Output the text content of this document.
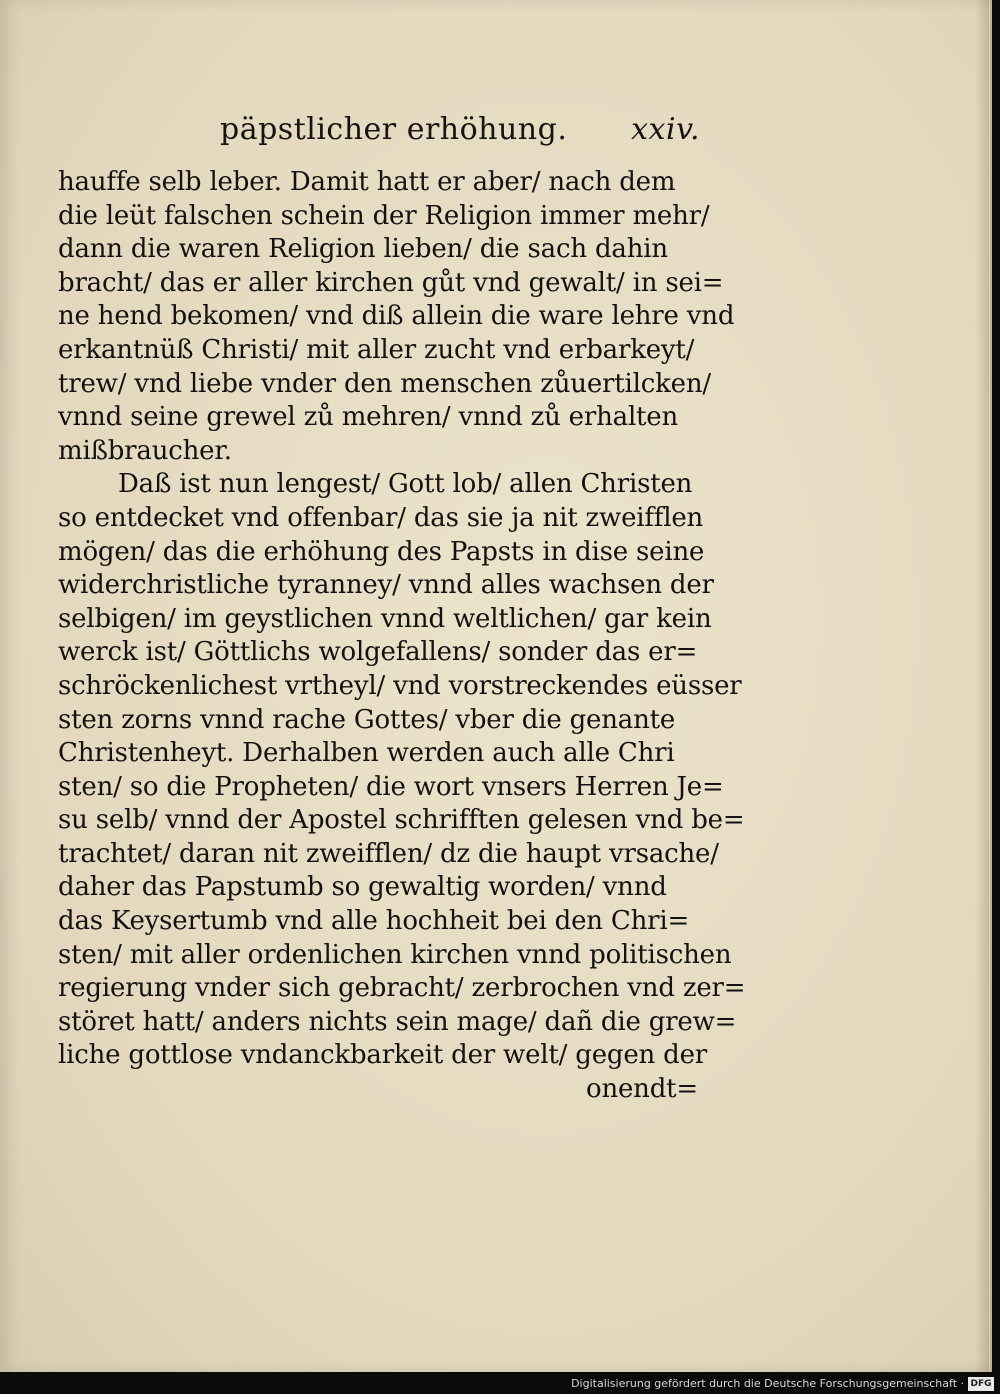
päpstlicher erhöhung. xxiv.
hauffe selb leber. Damit hatt er aber/ nach dem
die leüt falschen schein der Religion immer mehr/
dann die waren Religion lieben/ die sach dahin
bracht/ das er aller kirchen gůt vnd gewalt/ in sei=
ne hend bekomen/ vnd diß allein die ware lehre vnd
erkantnüß Christi/ mit aller zucht vnd erbarkeyt/
trew/ vnd liebe vnder den menschen zůuertilcken/
vnnd seine grewel zů mehren/ vnnd zů erhalten
mißbraucher.
Daß ist nun lengest/ Gott lob/ allen Christen
so entdecket vnd offenbar/ das sie ja nit zweifflen
mögen/ das die erhöhung des Papsts in dise seine
widerchristliche tyranney/ vnnd alles wachsen der
selbigen/ im geystlichen vnnd weltlichen/ gar kein
werck ist/ Göttlichs wolgefallens/ sonder das er=
schröckenlichest vrtheyl/ vnd vorstreckendes eüsser
sten zorns vnnd rache Gottes/ vber die genante
Christenheyt. Derhalben werden auch alle Chri
sten/ so die Propheten/ die wort vnsers Herren Je=
su selb/ vnnd der Apostel schrifften gelesen vnd be=
trachtet/ daran nit zweifflen/ dz die haupt vrsache/
daher das Papstumb so gewaltig worden/ vnnd
das Keysertumb vnd alle hochheit bei den Chri=
sten/ mit aller ordenlichen kirchen vnnd politischen
regierung vnder sich gebracht/ zerbrochen vnd zer=
störet hatt/ anders nichts sein mage/ dañ die grew=
liche gottlose vndanckbarkeit der welt/ gegen der
onendt=
Digitalisierung gefördert durch die Deutsche Forschungsgemeinschaft · DFG
